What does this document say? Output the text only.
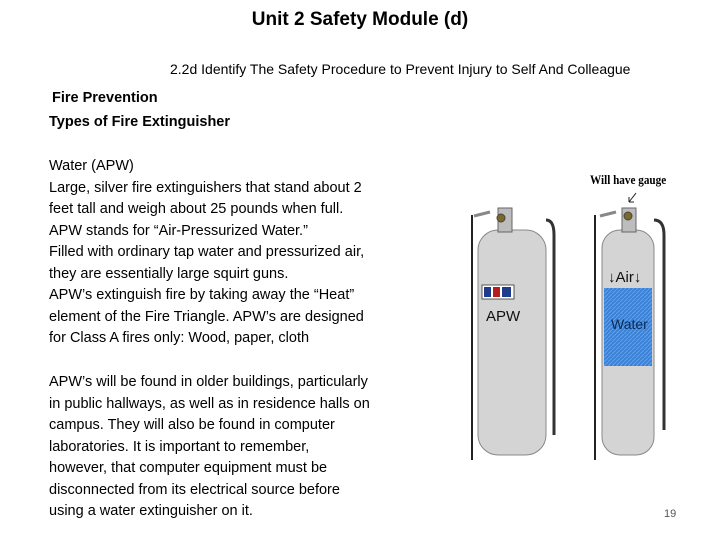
Unit 2 Safety Module (d)
2.2d Identify The Safety Procedure to Prevent Injury to Self And Colleague
Fire Prevention
Types of Fire Extinguisher
Water (APW)
Large, silver fire extinguishers that stand about 2
feet tall and weigh about 25 pounds when full.
APW stands for “Air-Pressurized Water.”
Filled with ordinary tap water and pressurized air,
they are essentially large squirt guns.
APW’s extinguish fire by taking away the “Heat”
element of the Fire Triangle. APW’s are designed
for Class A fires only: Wood, paper, cloth
APW’s will be found in older buildings, particularly
in public hallways, as well as in residence halls on
campus. They will also be found in computer
laboratories. It is important to remember,
however, that computer equipment must be
disconnected from its electrical source before
using a water extinguisher on it.
Will have gauge
APW
↓Air↓
Water
19
